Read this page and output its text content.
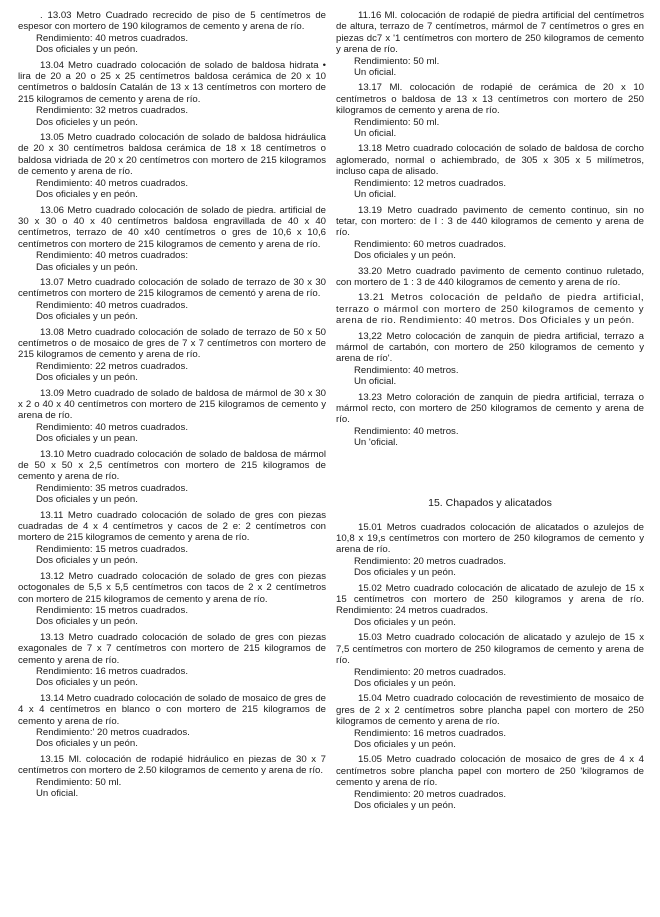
. 13.03 Metro Cuadrado recrecido de piso de 5 centímetros de espesor con mortero de 190 kilogramos de cemento y arena de río.

Rendimiento: 40 metros cuadrados.

Dos oficiales y un peón.

13.04 Metro cuadrado colocación de solado de baldosa hidrata • lira de 20 a 20 o 25 x 25 centímetros baldosa cerámica de 20 x 10 centímetros o baldosín Catalán de 13 x 13 centímetros con mortero de 215 kilogramos de cemento y arena de río.

Rendimiento: 32 metros cuadrados.

Dos oficieles y un peón.

13.05 Metro cuadrado colocación de solado de baldosa hidráulica de 20 x 30 centímetros baldosa cerámica de 18 x 18 centímetros o baldosa vidriada de 20 x 20 centímetros con mortero de 215 kilogramos de cemento y arena de río.

Rendimiento: 40 metros cuadrados.

Dos oficiales y en peón.

13.06 Metro cuadrado colocación de solado de piedra. artificial de 30 x 30 o 40 x 40 centímetros baldosa engravillada de 40 x 40 centímetros, terrazo de 40 x40 centímetros o gres de 10,6 x 10,6 centímetros con mortero de 215 kilogramos de cemento y arena de río.

Rendimiento: 40 metros cuadrados:

Das oficiales y un peón.

13.07 Metro cuadrado colocación de solado de terrazo de 30 x 30 centímetros con mortero de 215 kilogramos de cementó y arena de río.

Rendimiento: 40 metros cuadrados.

Dos oficiales y un peón.

13.08 Metro cuadrado colocación de solado de terrazo de 50 x 50 centímetros o de mosaico de gres de 7 x 7 centímetros con mortero de 215 kilogramos de cemento y arena de río.

Rendimiento: 22 metros cuadrados.

Dos oficiales y un peón.

13.09 Metro cuadrado de solado de baldosa de mármol de 30 x 30 x 2 o 40 x 40 centímetros con mortero de 215 kilogramos de cemento y arena de río.

Rendimiento: 40 metros cuadrados.

Dos oficiales y un pean.

13.10 Metro cuadrado colocación de solado de baldosa de mármol de 50 x 50 x 2,5 centímetros con mortero de 215 kilogramos de cemento y arena de río.

Rendimiento: 35 metros cuadrados.

Dos oficiales y un peón.

13.11 Metro cuadrado colocación de solado de gres con piezas cuadradas de 4 x 4 centímetros y cacos de 2 e: 2 centímetros con mortero de 215 kilogramos de cemento y arena de río.

Rendimiento: 15 metros cuadrados.

Dos oficiales y un peón.

13.12 Metro cuadrado colocación de solado de gres con piezas octogonales de 5,5 x 5,5 centímetros con tacos de 2 x 2 centímetros con mortero de 215 kilogramos de cemento y arena de río.

Rendimiento: 15 metros cuadrados.

Dos oficiales y un peón.

13.13 Metro cuadrado colocación de solado de gres con piezas exagonales de 7 x 7 centímetros con mortero de 215 kilogramos de cemento y arena de río.

Rendimiento: 16 metros cuadrados.

Dos oficiales y un peón.

13.14 Metro cuadrado colocación de solado de mosaico de gres de 4 x 4 centímetros en blanco o con mortero de 215 kilogramos de cemento y arena de río.

Rendimiento:' 20 metros cuadrados.

Dos oficiales y un peón.

13.15 Ml. colocación de rodapié hidráulico en piezas de 30 x 7 centímetros con mortero de 2.50 kilogramos de cemento y arena de río.

Rendimiento: 50 ml.

Un oficial.

11.16 Ml. colocación de rodapié de piedra artificial del centímetros de altura, terrazo de 7 centímetros, mármol de 7 centímetros o gres en piezas dc7 x '1 centímetros con mortero de 250 kilogramos de cemento y arena de río.

Rendimiento: 50 ml.

Un oficial.

13.17 Ml. colocación de rodapié de cerámica de 20 x 10 centímetros o baldosa de 13 x 13 centímetros con mortero de 250 kilogramos de cemento y arena de río.

Rendimiento: 50 ml.

Un oficial.

13.18 Metro cuadrado colocación de solado de baldosa de corcho aglomerado, normal o achiembrado, de 305 x 305 x 5 milímetros, incluso capa de alisado.

Rendimiento: 12 metros cuadrados.

Un oficial.

13.19 Metro cuadrado pavimento de cemento continuo, sin no tetar, con mortero: de I : 3 de 440 kilogramos de cemento y arena de río.

Rendimiento: 60 metros cuadrados.

Dos oficiales y un peón.

33.20 Metro cuadrado pavimento de cemento continuo ruletado, con mortero de 1 : 3 de 440 kilogramos de cemento y arena de río.

13.21 Metros colocación de peldaño de piedra artificial, terrazo o mármol con mortero de 250 kilogramos de cemento y arena de rio. Rendimiento: 40 metros. Dos Oficiales y un peón.

13,22 Metro colocación de zanquin de piedra artificial, terrazo a mármol de cartabón, con mortero de 250 kilogramos de cemento y arena de río'.

Rendimiento: 40 metros.

Un oficial.

13.23 Metro coloración de zanquin de piedra artificial, terraza o mármol recto, con mortero de 250 kilogramos de cemento y arena de río.

Rendimiento: 40 metros.

Un 'oficial.

15. Chapados y alicatados

15.01 Metros cuadrados colocación de alicatados o azulejos de 10,8 x 19,s centímetros con mortero de 250 kilogramos de cemento y arena de río.

Rendimiento: 20 metros cuadrados.

Dos oficiales y un peón.

15.02 Metro cuadrado colocación de alicatado de azulejo de 15 x 15 centímetros con mortero de 250 kilogramos y arena de río. Rendimiento: 24 metros cuadrados.

Dos oficiales y un peón.

15.03 Metro cuadrado colocación de alicatado y azulejo de 15 x 7,5 centímetros con mortero de 250 kilogramos de cemento y arena de río.

Rendimiento: 20 metros cuadrados.

Dos oficiales y un peón.

15.04 Metro cuadrado colocación de revestimiento de mosaico de gres de 2 x 2 centímetros sobre plancha papel con mortero de 250 kilogramos de cemento y arena de río.

Rendimiento: 16 metros cuadrados.

Dos oficiales y un peón.

15.05 Metro cuadrado colocación de mosaico de gres de 4 x 4 centímetros sobre plancha papel con mortero de 250 'kilogramos de cemento y arena de río.

Rendimiento: 20 metros cuadrados.

Dos oficiales y un peón.
